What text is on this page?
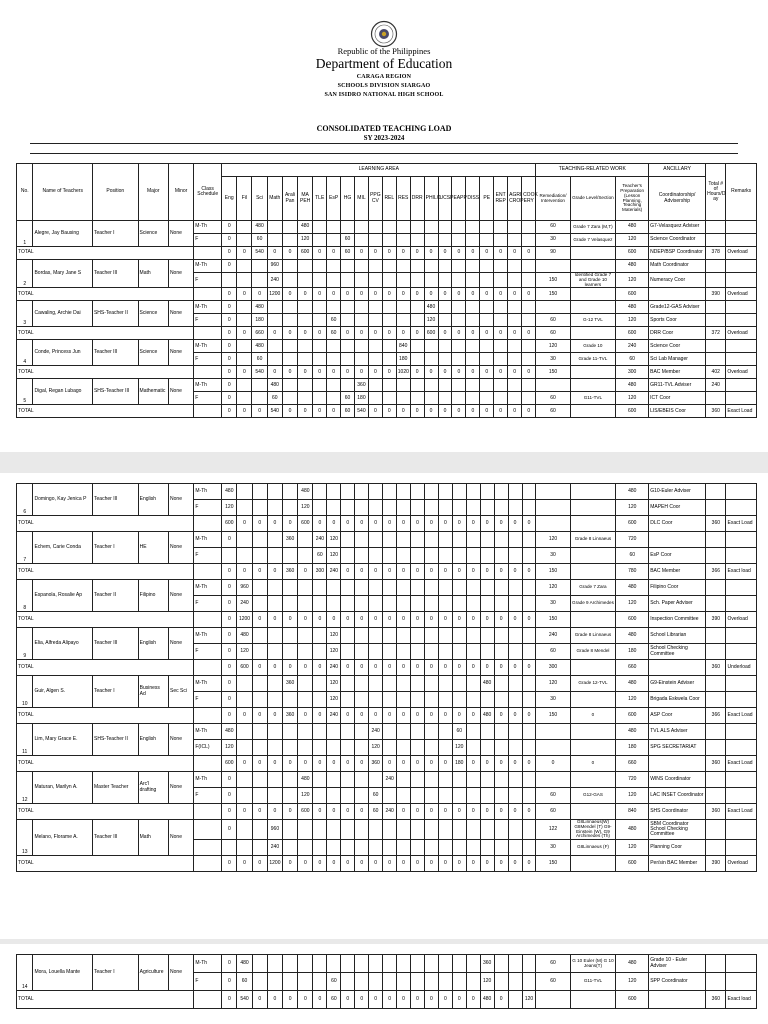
Republic of the Philippines
Department of Education
CARAGA REGION
SCHOOLS DIVISION SIARGAO
SAN ISIDRO NATIONAL HIGH SCHOOL
CONSOLIDATED TEACHING LOAD
SY 2023-2024
No.	Name of Teachers	Position	Major	Minor	Class Schedule	LEARNING AREA																						TEACHING-RELATED WORK			ANCILLARY	Total # of Hours/D ay	Remarks
						Eng	Fil	Sci	Math	Arali Pan	MA PEH	TLE	EsP	HG	MIL	PPG CV	REL	RES	DRR	PHILO	UCSP	EAPP	DISS	PE	ENT REP	AGRI CROP	COOK ERY	Remediation/ Intervention	Grade Level/Section	Teacher's Preparation (Lesson Planning, Teaching Materials)	Coordinatorship/ Advisership		
1	Alegre, Jay Bausing	Teacher I	Science	None	M-Th	0		480			480																	60	Grade 7 Zara (M,T)	480	G7-Velasquez Adviser		
					F	0		60			120			60														30	Grade 7 Velasquez	120	Science Coordinator		
TOTAL						0	0	540	0	0	600	0	0	60	0	0	0	0	0	0	0	0	0	0	0	0	0	90		600	NDEP/BSP Coordinator	378	Overload
2	Bordas, Mary Jane S	Teacher III	Math	None	M-Th	0			960																					480	Math Coordinator		
					F				240																			150	Identified Grade 7 and Grade 10 learners	120	Numeracy Coor		
TOTAL						0	0	0	1200	0	0	0	0	0	0	0	0	0	0	0	0	0	0	0	0	0	0	150		600		390	Overload
3	Cawaling, Archie Dai	SHS-Teacher II	Science	None	M-Th	0		480												480										480	Grade12-GAS Adviser		
					F	0		180					60							120								60	G-12 TVL	120	Sports Coor		
TOTAL						0	0	660	0	0	0	0	60	0	0	0	0	0	0	600	0	0	0	0	0	0	0	60		600	DRR Coor	372	Overload
4	Conde, Princess Jun	Teacher III	Science	None	M-Th	0		480										840										120	Grade 10	240	Science Coor		
					F	0		60										180										30	Grade 11-TVL	60	Sci Lab Manager		
TOTAL						0	0	540	0	0	0	0	0	0	0	0	0	1020	0	0	0	0	0	0	0	0	0	150		300	BAC Member	402	Overload
5	Digal, Regan Lubago	SHS-Teacher III	Mathematic	None	M-Th	0			480						360															480	GR11-TVL Adviser	240	
					F	0			60					60	180													60	G11-TVL	120	ICT Coor		
TOTAL						0	0	0	540	0	0	0	0	60	540	0	0	0	0	0	0	0	0	0	0	0	0	60		600	LIS/EBEIS Coor	360	Exact Load
6	Domingo, Kay Jenica P	Teacher III	English	None	M-Th	480					480																			480	G10-Euler Adviser		
					F	120					120																			120	MAPEH Coor		
TOTAL						600	0	0	0	0	600	0	0	0	0	0	0	0	0	0	0	0	0	0	0	0	0			600	DLC Coor	360	Exact Load
7	Echem, Carie Conda	Teacher I	HE	None	M-Th	0				360		240	120															120	Grade 8 Linnaeus	720			
					F							60	120															30		60	EsP Coor		
TOTAL						0	0	0	0	360	0	300	240	0	0	0	0	0	0	0	0	0	0	0	0	0	0	150		780	BAC Member	366	Exact load
8	Espanola, Rosalie Ap	Teacher II	Filipino	None	M-Th	0	960																					120	Grade 7 Zara	480	Filipino Coor		
					F	0	240																					30	Grade 9 Archimedes	120	Sch. Paper Adviser		
TOTAL						0	1200	0	0	0	0	0	0	0	0	0	0	0	0	0	0	0	0	0	0	0	0	150		600	Inspection Committee	390	Overload
9	Elia, Alfreda Alipayo	Teacher III	English	None	M-Th	0	480						120															240	Grade 8 Linnaeus	480	School Librarian		
					F	0	120						120															60	Grade 8 Mendel	180	School Checking Committee		
TOTAL						0	600	0	0	0	0	0	240	0	0	0	0	0	0	0	0	0	0	0	0	0	0	300		660		360	Underload
10	Guir, Algen S.	Teacher I	Business Ad	Sec Sci	M-Th	0				360			120											480				120	Grade 12-TVL	480	G9-Einstein Adviser		
					F	0							120															30		120	Brigada Eskwela Coor		
TOTAL						0	0	0	0	360	0	0	240	0	0	0	0	0	0	0	0	0	0	480	0	0	0	150	0	600	ASP Coor	366	Exact Load
11	Lim, Mary Grace E.	SHS-Teacher II	English	None	M-Th	480										240						60								480	TVL ALS Adviser		
					F(ICL)	120										120						120								180	SPG SECRETARIAT		
TOTAL						600	0	0	0	0	0	0	0	0	0	360	0	0	0	0	0	180	0	0	0	0	0	0	0	660		360	Exact Load
12	Maturan, Marilyn A.	Master Teacher	Arc'l drafting	None	M-Th	0					480						240													720	WINS Coordinator		
					F	0					120					60												60	G12-GAS	120	LAC INSET Coordinator		
TOTAL						0	0	0	0	0	600	0	0	0	0	60	240	0	0	0	0	0	0	0	0	0	0	60		840	SHS Coordinator	360	Exact Load
13	Melano, Florame A.	Teacher III	Math	None		0			960																			122	G8Linnaeus(W) G8Mendel (T) G9-Einstein (W), G9 Archimedes (Th)	480	SBM Coordinator School Checking Committee		
									240																			30	G8Linnaeus (F)	120	Planning Coor		
TOTAL						0	0	0	1200	0	0	0	0	0	0	0	0	0	0	0	0	0	0	0	0	0	0	150		600	Per/sin BAC Member	390	Overload
14	Mora, Louella Mante	Teacher I	Agriculture	None	M-Th	0	480																	360				60	G 10 Euler (M) G 10 Jeans(T)	480	Grade 10 - Euler Adviser		
					F	0	60						60											120				60	G11-TVL	120	SPP Coordinator		
TOTAL						0	540	0	0	0	0	0	60	0	0	0	0	0	0	0	0	0	0	480	0		120			600		360	Exact load
